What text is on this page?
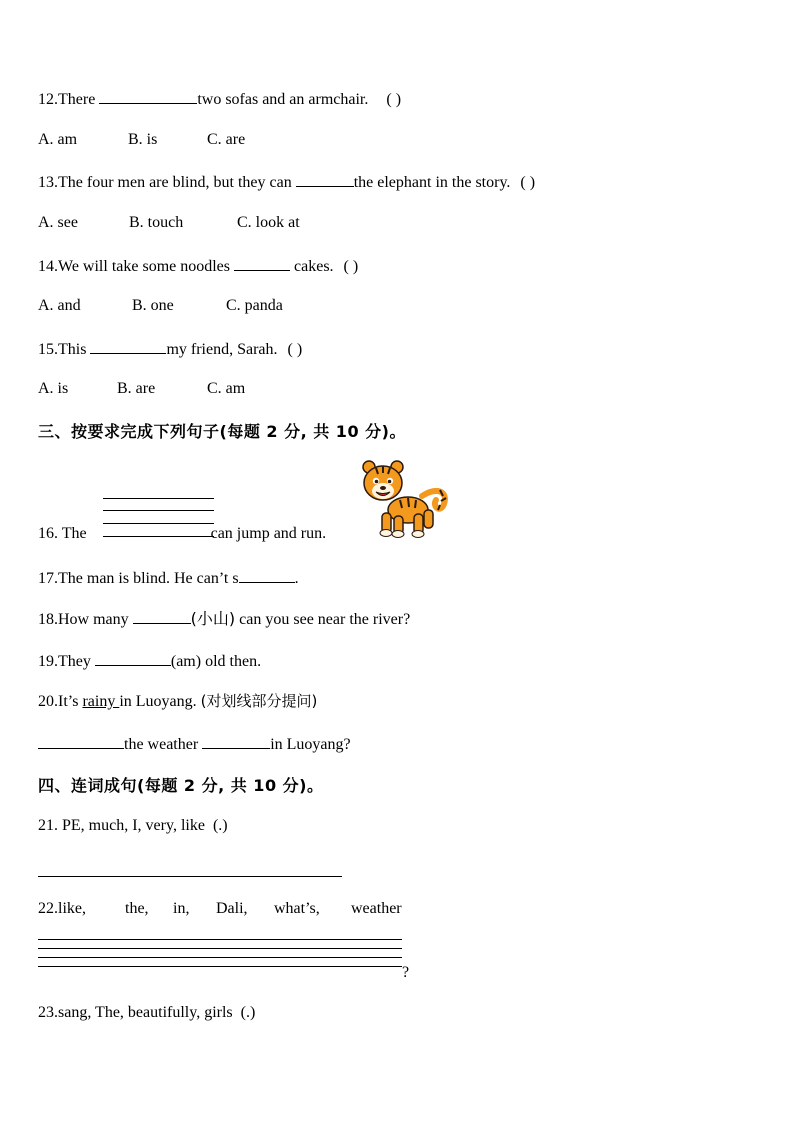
12.There	two sofas and an armchair. ( )
A. am	B. is	C. are
13.The four men are blind, but they can	the elephant in the story. ( )
A. see	B. touch	C. look at
14.We will take some noodles	cakes. ( )
A. and	B. one	C. panda
15.This	my friend, Sarah. ( )
A. is	B. are	C. am
三、按要求完成下列句子(每题 2 分, 共 10 分)。
16. The	can jump and run.
17.The man is blind. He can’t s	.
18.How many	(小山) can you see near the river?
19.They	(am) old then.
20.It’s rainy in Luoyang. (对划线部分提问)
the weather	in Luoyang?
四、连词成句(每题 2 分, 共 10 分)。
21. PE, much, I, very, like (.)
22.like, the, in, Dali, what’s, weather
?
23.sang, The, beautifully, girls (.)
